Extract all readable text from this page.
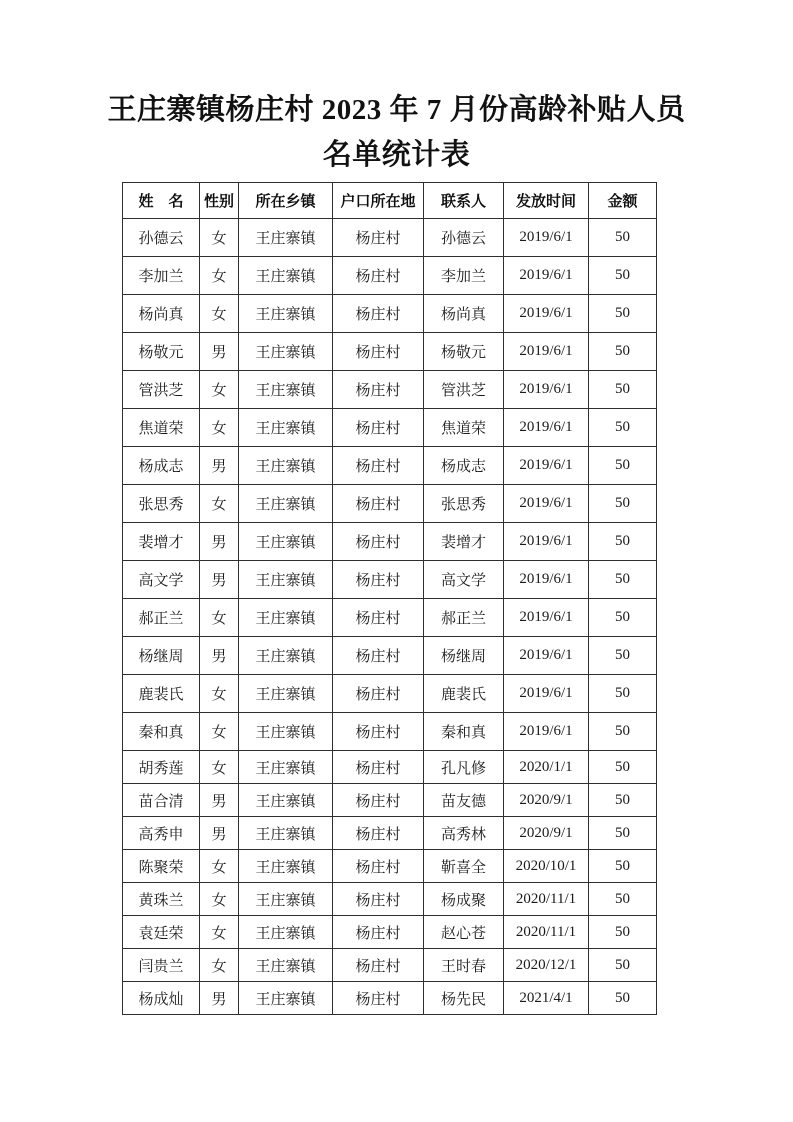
王庄寨镇杨庄村 2023 年 7 月份高龄补贴人员
名单统计表
姓　名	性别	所在乡镇	户口所在地	联系人	发放时间	金额
孙德云	女	王庄寨镇	杨庄村	孙德云	2019/6/1	50
李加兰	女	王庄寨镇	杨庄村	李加兰	2019/6/1	50
杨尚真	女	王庄寨镇	杨庄村	杨尚真	2019/6/1	50
杨敬元	男	王庄寨镇	杨庄村	杨敬元	2019/6/1	50
管洪芝	女	王庄寨镇	杨庄村	管洪芝	2019/6/1	50
焦道荣	女	王庄寨镇	杨庄村	焦道荣	2019/6/1	50
杨成志	男	王庄寨镇	杨庄村	杨成志	2019/6/1	50
张思秀	女	王庄寨镇	杨庄村	张思秀	2019/6/1	50
裴增才	男	王庄寨镇	杨庄村	裴增才	2019/6/1	50
高文学	男	王庄寨镇	杨庄村	高文学	2019/6/1	50
郝正兰	女	王庄寨镇	杨庄村	郝正兰	2019/6/1	50
杨继周	男	王庄寨镇	杨庄村	杨继周	2019/6/1	50
鹿裴氏	女	王庄寨镇	杨庄村	鹿裴氏	2019/6/1	50
秦和真	女	王庄寨镇	杨庄村	秦和真	2019/6/1	50
胡秀莲	女	王庄寨镇	杨庄村	孔凡修	2020/1/1	50
苗合清	男	王庄寨镇	杨庄村	苗友德	2020/9/1	50
高秀申	男	王庄寨镇	杨庄村	高秀林	2020/9/1	50
陈聚荣	女	王庄寨镇	杨庄村	靳喜全	2020/10/1	50
黄珠兰	女	王庄寨镇	杨庄村	杨成聚	2020/11/1	50
袁廷荣	女	王庄寨镇	杨庄村	赵心苍	2020/11/1	50
闫贵兰	女	王庄寨镇	杨庄村	王时春	2020/12/1	50
杨成灿	男	王庄寨镇	杨庄村	杨先民	2021/4/1	50
